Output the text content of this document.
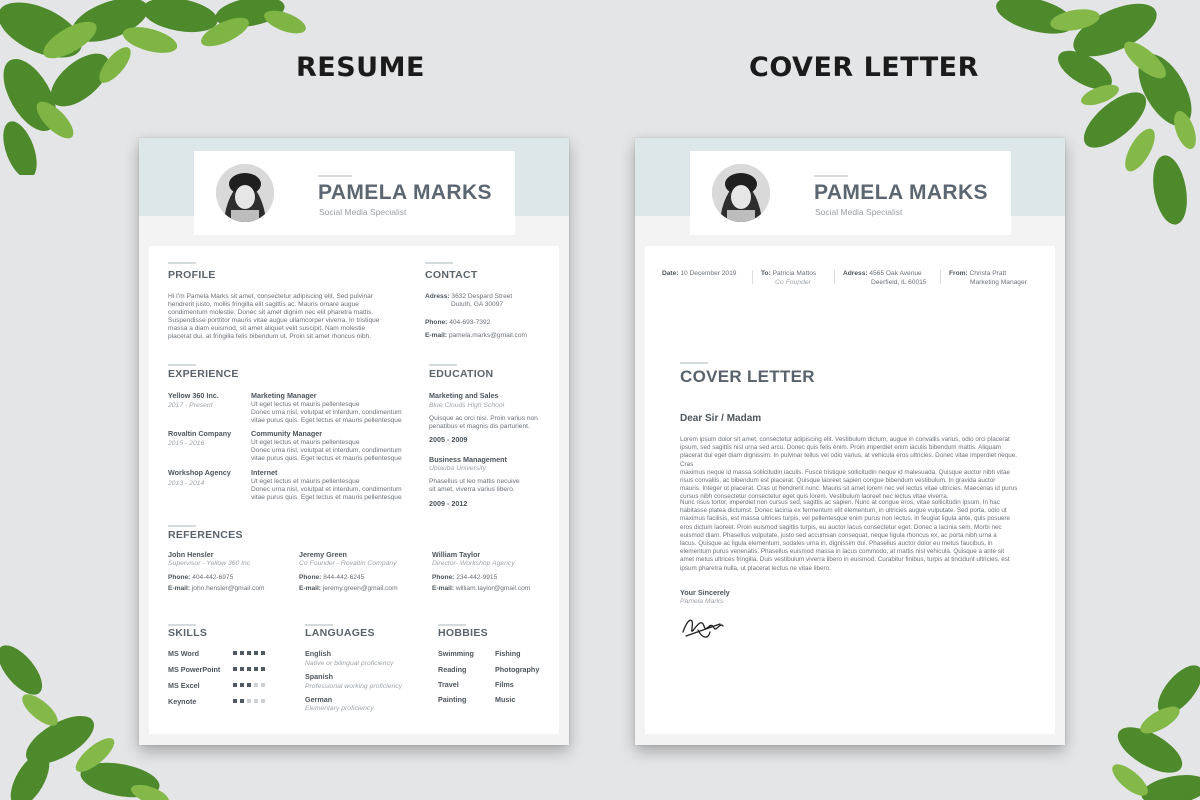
RESUME	COVER LETTER
PAMELA MARKS
Social Media Specialist
PROFILE
Hi I'm Pamela Marks sit amet, consectetur adipiscing elit. Sed pulvinar
hendrerit justo, mollis fringilla elit sagittis ac. Mauris ornare augue
condimentum molestie. Donec sit amet dignim nec elit pharetra mattis.
Suspendisse porttitor mauris vitae augue ullamcorper viverra. In tristique
massa a diam euismod, sit amet aliquet velit suscipit. Nam molestie
placerat dui, at fringilla felis bibendum ut. Proin sit amet rhoncus nibh.
CONTACT
Adress: 3632 Despard Street
Duluth, GA 30097
Phone: 404-693-7392
E-mail: pamela.marks@gmail.com
EXPERIENCE
Yellow 360 Inc.
2017 - Present
Marketing Manager
Ut eget lectus et mauris pellentesque
Donec urna nisl, volutpat et interdum, condimentum
vitae purus quis. Eget lectus et mauris pellentesque
Rovaltin Company
2015 - 2016
Community Manager
Ut eget lectus et mauris pellentesque
Donec urna nisl, volutpat et interdum, condimentum
vitae purus quis. Eget lectus et mauris pellentesque
Workshop Agency
2013 - 2014
Internet
Ut eget lectus et mauris pellentesque
Donec urna nisl, volutpat et interdum, condimentum
vitae purus quis. Eget lectus et mauris pellentesque
EDUCATION
Marketing and Sales
Blue Clouds High School
Quisque ac orci nisi. Proin varius non
penatibus et magnis dis parturient.
2005 - 2009
Business Management
Ublauba University
Phasellus ut leo mattis necuive
sit amet, viverra varius libero.
2009 - 2012
REFERENCES
John Hensler
Supervisor - Yellow 360 Inc
Phone: 404-442-6975
E-mail: john.hensler@gmail.com
Jeremy Green
Co Founder - Rovaltin Company
Phone: 844-442-6245
E-mail: jeremy.green@gmail.com
William Taylor
Director- Workshop Agency
Phone: 234-442-9915
E-mail: william.taylor@gmail.com
SKILLS
MS Word
MS PowerPoint
MS Excel
Keynote
LANGUAGES
English
Native or bilingual proficiency
Spanish
Professional working proficiency
German
Elementary proficiency
HOBBIES
Swimming
Reading
Travel
Painting
Fishing
Photography
Films
Music
PAMELA MARKS
Social Media Specialist
Date: 10 December 2019	To: Patricia Mattos
Co Founder
Adress: 4565 Oak Avenue
Deerfield, IL 60015
From: Christa Pratt
Marketing Manager
COVER LETTER
Dear Sir / Madam
Lorem ipsum dolor sit amet, consectetur adipiscing elit. Vestibulum dictum, augue in convallis varius, odio orci placerat
ipsum, sed sagittis nisl urna sed arcu. Donec quis felis enim. Proin imperdiet enim iaculis bibendum mattis. Aliquam
placerat dui eget diam dignissim. In pulvinar tellus vel odio varius, at vehicula eros ultricies. Donec vitae imperdiet neque. Cras
maximus neque id massa sollicitudin iaculis. Fusce tristique sollicitudin neque id malesuada. Quisque auctor nibh vitae
risus convallis, ac bibendum est placerat. Quisque laoreet sapien congue bibendum vestibulum. In gravida auctor
mauris. Integer ut placerat. Cras ut hendrerit nunc. Mauris sit amet lorem nec vel lectus vitae ultricies. Maecenas id purus
cursus nibh consectetur consectetur eget quis lorem. Vestibulum laoreet nec lectus vitae viverra.
Nunc risus tortor, imperdiet non cursus sed, sagittis ac sapien. Nunc at congue eros, vitae sollicitudin ipsum. In hac
habitasse platea dictumst. Donec lacinia ex fermentum elit elementum, in ultricies augue vulputate. Sed porta, odio ut
maximus facilisis, est massa ultrices turpis, vel pellentesque enim purus non lectus. In feugiat ligula ante, quis posuere
eros dictum laoreet. Proin euismod sagittis turpis, eu auctor lacus consectetur eget. Donec a lacinia sem. Morbi nec
euismod diam. Phasellus vulputate, justo sed accumsan consequat, neque ligula rhoncus ex, ac porta nibh urna a
lacus. Quisque ac ligula elementum, sodales urna in, dignissim dui. Phasellus auctor dolor eu metus faucibus, in
elementum purus venenatis. Phasellus euismod massa in lacus commodo, at mattis nisl vehicula. Quisque a ante sit
amet metus ultrices fringilla. Duis vestibulum viverra libero in euismod. Curabitur finibus, turpis at tincidunt ultricies, est
ipsum pharetra nulla, ut placerat lectus ne vitae libero.
Your Sincerely
Pamela Marks
